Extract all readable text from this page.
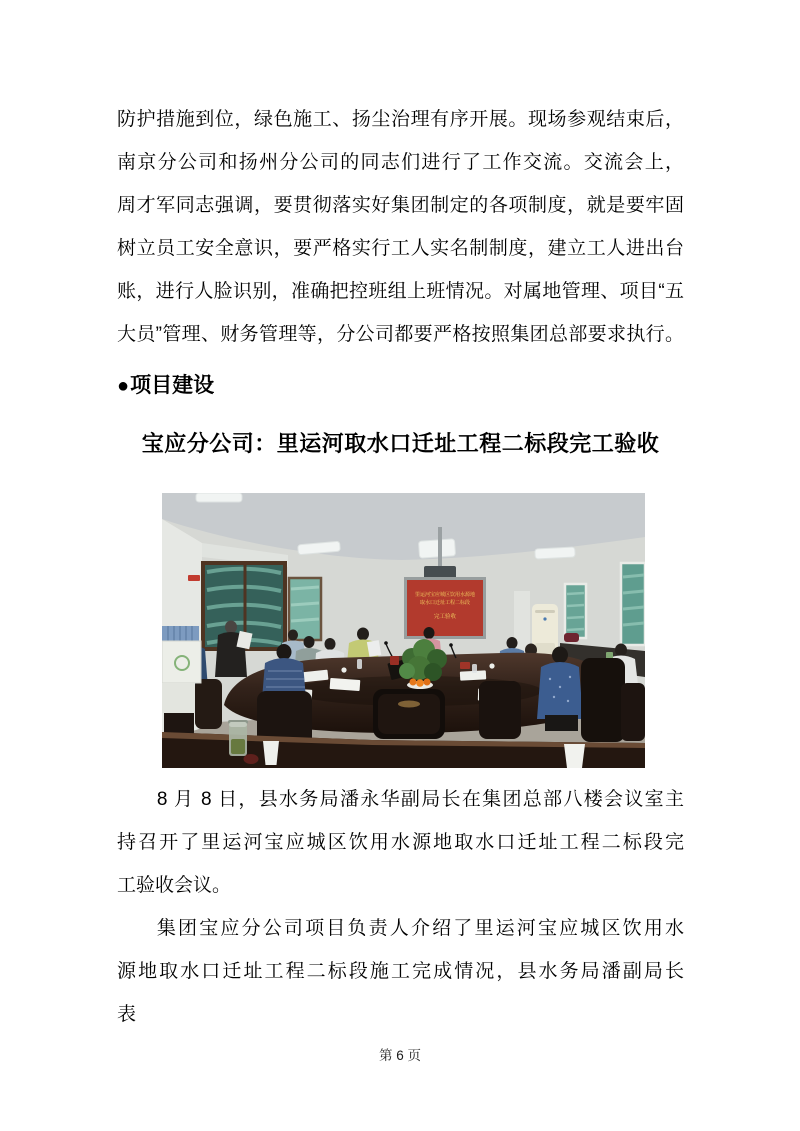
防护措施到位，绿色施工、扬尘治理有序开展。现场参观结束后，
南京分公司和扬州分公司的同志们进行了工作交流。交流会上，
周才军同志强调，要贯彻落实好集团制定的各项制度，就是要牢固
树立员工安全意识，要严格实行工人实名制制度，建立工人进出台
账，进行人脸识别，准确把控班组上班情况。对属地管理、项目“五
大员”管理、财务管理等，分公司都要严格按照集团总部要求执行。
●项目建设
宝应分公司：里运河取水口迁址工程二标段完工验收
里运河宝应城区饮用水源地
取水口迁址工程二标段
完工验收
8 月 8 日，县水务局潘永华副局长在集团总部八楼会议室主
持召开了里运河宝应城区饮用水源地取水口迁址工程二标段完
工验收会议。
集团宝应分公司项目负责人介绍了里运河宝应城区饮用水
源地取水口迁址工程二标段施工完成情况，县水务局潘副局长
表
第 6 页
